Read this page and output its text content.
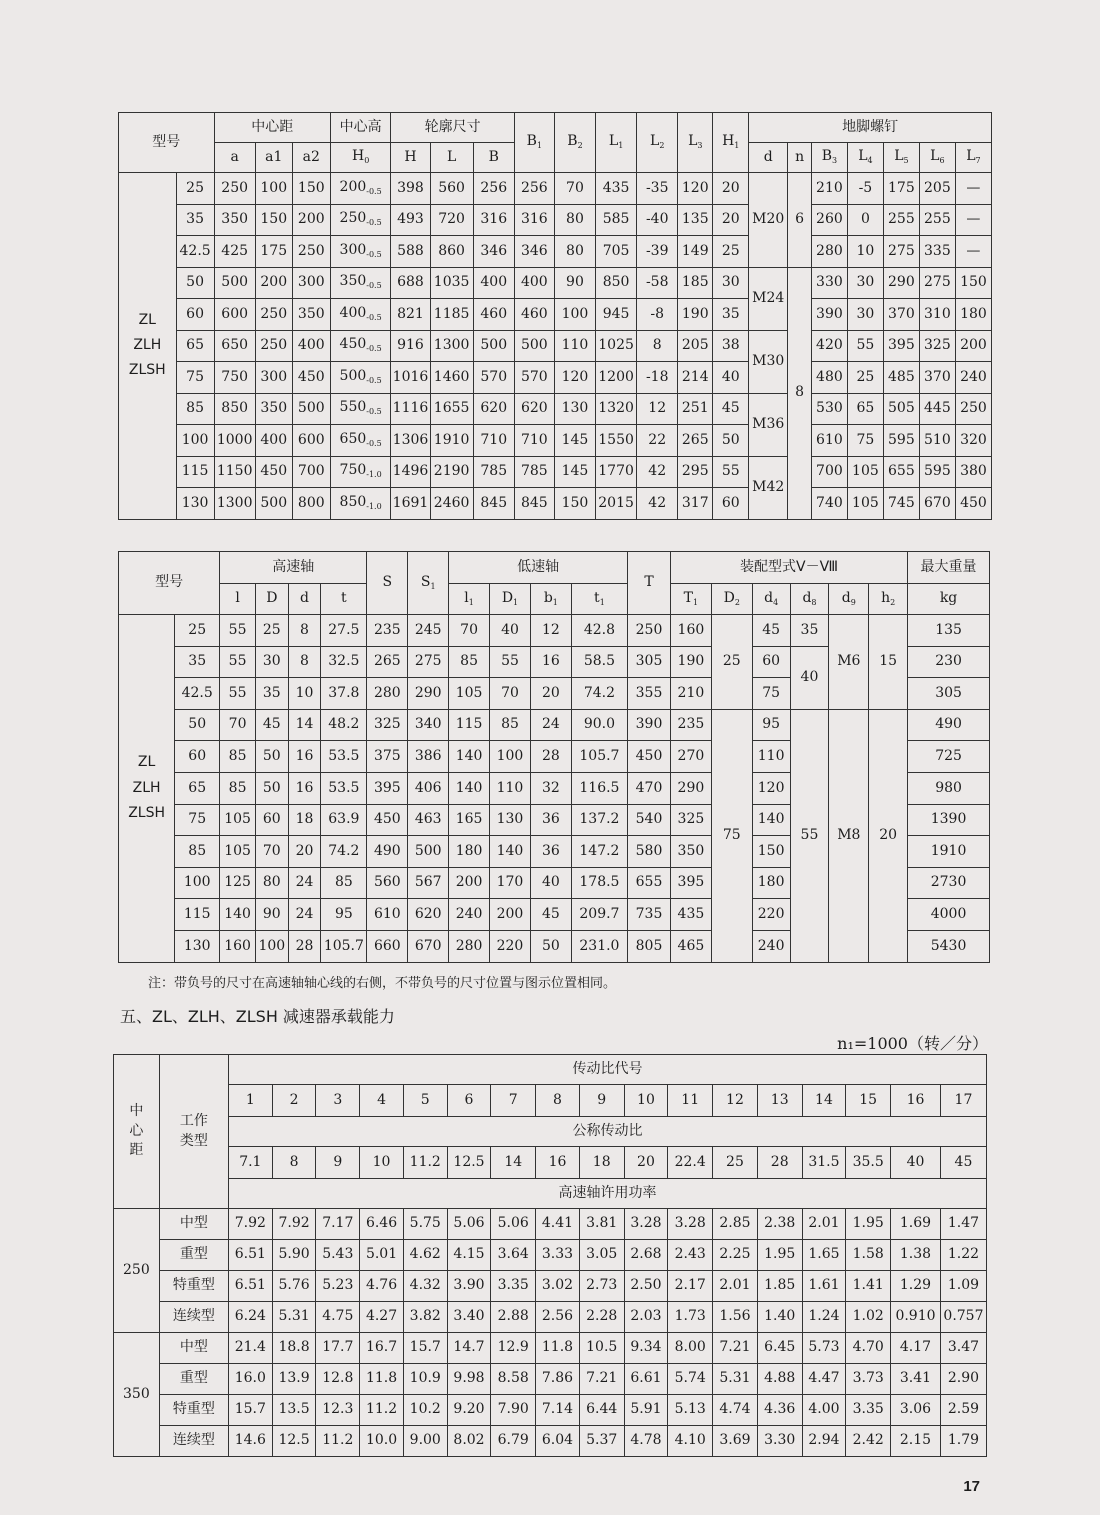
型号		中心距			中心高	轮廓尺寸			$B_1$	$B_2$	$L_1$	$L_2$	$L_3$	$H_1$	地脚螺钉						
		a	a1	a2	$H_0$	H	L	B							d	n	$B_3$	$L_4$	$L_5$	$L_6$	$L_7$

ZL
ZLH
ZLSH	25	250	100	150	$200_{-0.5}$	398	560	256	256	70	435	-35	120	20	M20	6	210	-5	175	205	—
	35	350	150	200	$250_{-0.5}$	493	720	316	316	80	585	-40	135	20			260	0	255	255	—
	42.5	425	175	250	$300_{-0.5}$	588	860	346	346	80	705	-39	149	25			280	10	275	335	—
	50	500	200	300	$350_{-0.5}$	688	1035	400	400	90	850	-58	185	30	M24	8	330	30	290	275	150
	60	600	250	350	$400_{-0.5}$	821	1185	460	460	100	945	-8	190	35			390	30	370	310	180
	65	650	250	400	$450_{-0.5}$	916	1300	500	500	110	1025	8	205	38	M30		420	55	395	325	200
	75	750	300	450	$500_{-0.5}$	1016	1460	570	570	120	1200	-18	214	40			480	25	485	370	240
	85	850	350	500	$550_{-0.5}$	1116	1655	620	620	130	1320	12	251	45	M36		530	65	505	445	250
	100	1000	400	600	$650_{-0.5}$	1306	1910	710	710	145	1550	22	265	50			610	75	595	510	320
	115	1150	450	700	$750_{-1.0}$	1496	2190	785	785	145	1770	42	295	55	M42		700	105	655	595	380
	130	1300	500	800	$850_{-1.0}$	1691	2460	845	845	150	2015	42	317	60			740	105	745	670	450
型号		高速轴				S	$S_1$	低速轴				T	装配型式Ⅴ－Ⅷ						最大重量
		l	D	d	t			$l_1$	$D_1$	$b_1$	$t_1$		$T_1$	$D_2$	$d_4$	$d_8$	$d_9$	$h_2$	kg

ZL
ZLH
ZLSH	25	55	25	8	27.5	235	245	70	40	12	42.8	250	160	25	45	35	M6	15	135
	35	55	30	8	32.5	265	275	85	55	16	58.5	305	190		60	40			230
	42.5	55	35	10	37.8	280	290	105	70	20	74.2	355	210		75				305
	50	70	45	14	48.2	325	340	115	85	24	90.0	390	235	75	95	55	M8	20	490
	60	85	50	16	53.5	375	386	140	100	28	105.7	450	270		110				725
	65	85	50	16	53.5	395	406	140	110	32	116.5	470	290		120				980
	75	105	60	18	63.9	450	463	165	130	36	137.2	540	325		140				1390
	85	105	70	20	74.2	490	500	180	140	36	147.2	580	350		150				1910
	100	125	80	24	85	560	567	200	170	40	178.5	655	395		180				2730
	115	140	90	24	95	610	620	240	200	45	209.7	735	435		220				4000
	130	160	100	28	105.7	660	670	280	220	50	231.0	805	465		240				5430
注：带负号的尺寸在高速轴轴心线的右侧，不带负号的尺寸位置与图示位置相同。
五、ZL、ZLH、ZLSH 减速器承载能力
n₁=1000（转／分）
中心距	工作类型	传动比代号																
		1	2	3	4	5	6	7	8	9	10	11	12	13	14	15	16	17
		公称传动比																
		7.1	8	9	10	11.2	12.5	14	16	18	20	22.4	25	28	31.5	35.5	40	45
		高速轴许用功率																
250	中型	7.92	7.92	7.17	6.46	5.75	5.06	5.06	4.41	3.81	3.28	3.28	2.85	2.38	2.01	1.95	1.69	1.47
	重型	6.51	5.90	5.43	5.01	4.62	4.15	3.64	3.33	3.05	2.68	2.43	2.25	1.95	1.65	1.58	1.38	1.22
	特重型	6.51	5.76	5.23	4.76	4.32	3.90	3.35	3.02	2.73	2.50	2.17	2.01	1.85	1.61	1.41	1.29	1.09
	连续型	6.24	5.31	4.75	4.27	3.82	3.40	2.88	2.56	2.28	2.03	1.73	1.56	1.40	1.24	1.02	0.910	0.757
350	中型	21.4	18.8	17.7	16.7	15.7	14.7	12.9	11.8	10.5	9.34	8.00	7.21	6.45	5.73	4.70	4.17	3.47
	重型	16.0	13.9	12.8	11.8	10.9	9.98	8.58	7.86	7.21	6.61	5.74	5.31	4.88	4.47	3.73	3.41	2.90
	特重型	15.7	13.5	12.3	11.2	10.2	9.20	7.90	7.14	6.44	5.91	5.13	4.74	4.36	4.00	3.35	3.06	2.59
	连续型	14.6	12.5	11.2	10.0	9.00	8.02	6.79	6.04	5.37	4.78	4.10	3.69	3.30	2.94	2.42	2.15	1.79
17
